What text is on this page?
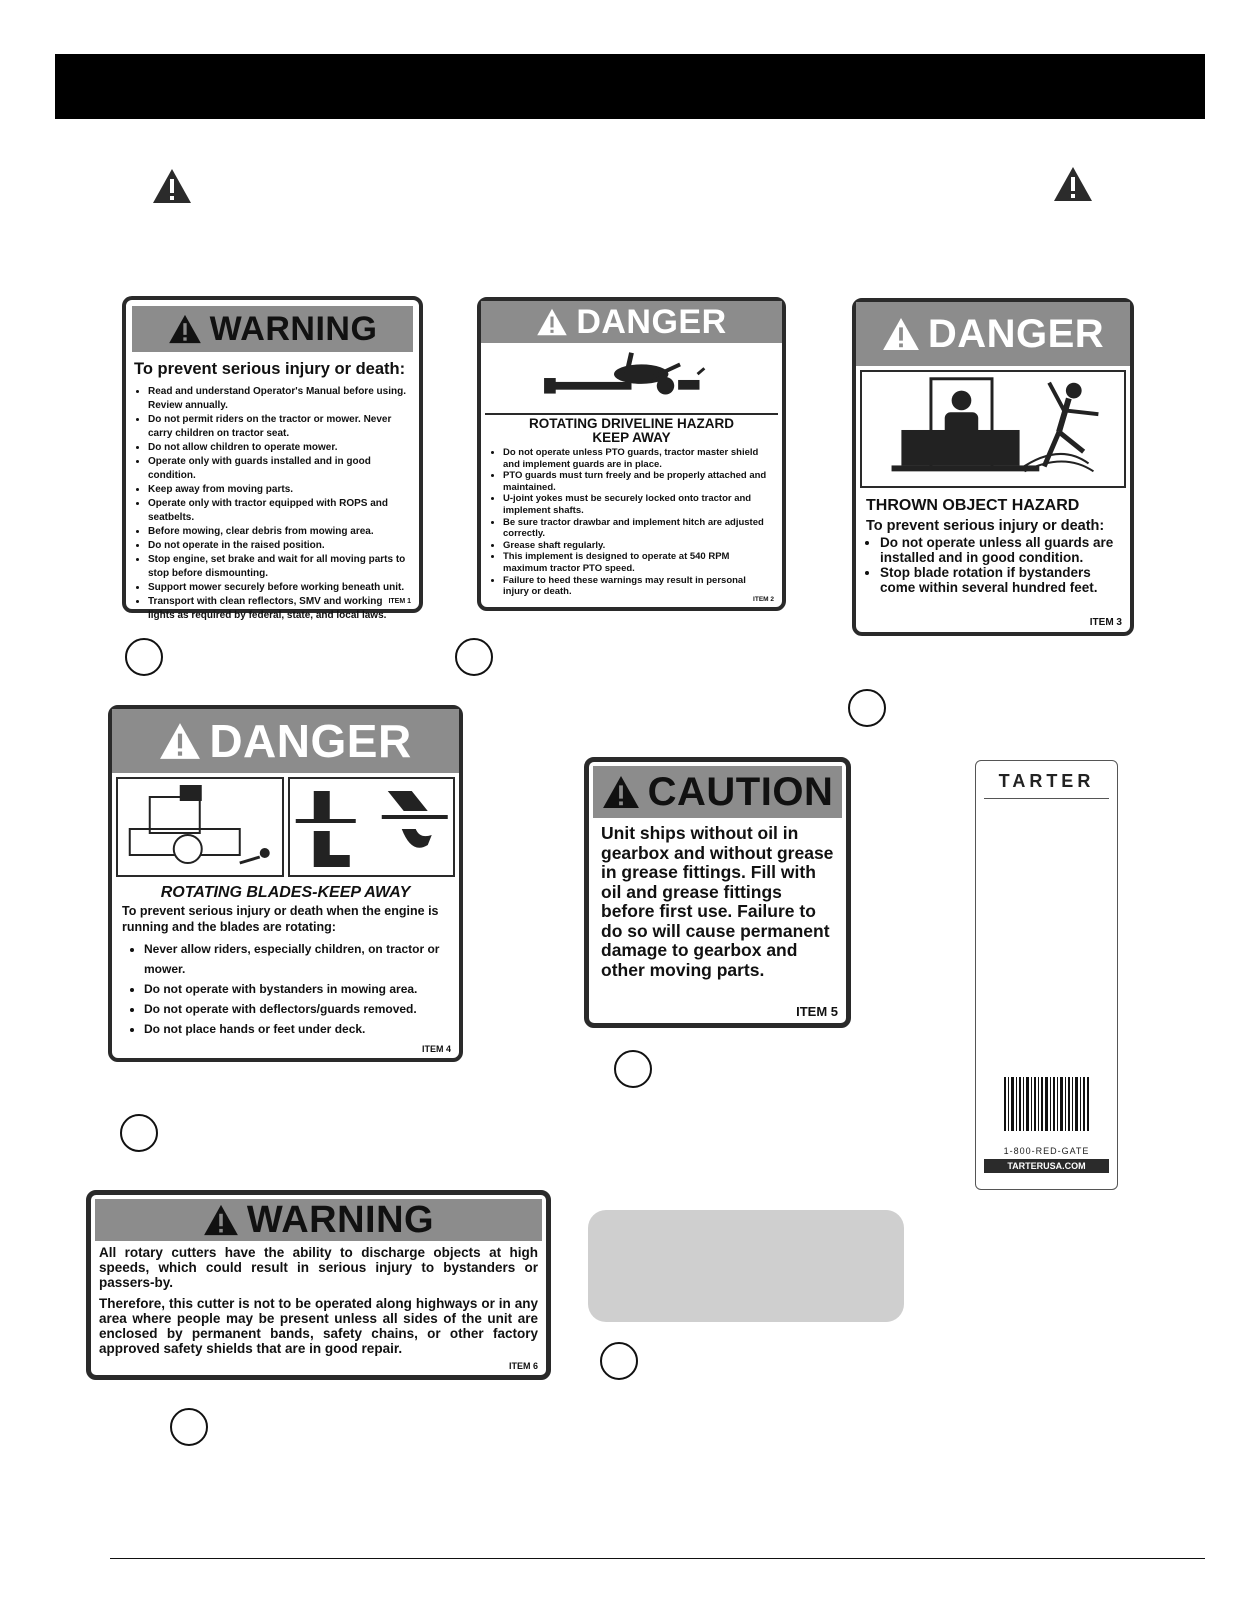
WARNING
To prevent serious injury or death:
• Read and understand Operator's Manual before using. Review annually.
• Do not permit riders on the tractor or mower. Never carry children on tractor seat.
• Do not allow children to operate mower.
• Operate only with guards installed and in good condition.
• Keep away from moving parts.
• Operate only with tractor equipped with ROPS and seatbelts.
• Before mowing, clear debris from mowing area.
• Do not operate in the raised position.
• Stop engine, set brake and wait for all moving parts to stop before dismounting.
• Support mower securely before working beneath unit.
• Transport with clean reflectors, SMV and working lights as required by federal, state, and local laws.
ITEM 1
DANGER
ROTATING DRIVELINE HAZARD
KEEP AWAY
• Do not operate unless PTO guards, tractor master shield and implement guards are in place.
• PTO guards must turn freely and be properly attached and maintained.
• U-joint yokes must be securely locked onto tractor and implement shafts.
• Be sure tractor drawbar and implement hitch are adjusted correctly.
• Grease shaft regularly.
• This implement is designed to operate at 540 RPM maximum tractor PTO speed.
• Failure to heed these warnings may result in personal injury or death.
ITEM 2
DANGER
THROWN OBJECT HAZARD
To prevent serious injury or death:
• Do not operate unless all guards are installed and in good condition.
• Stop blade rotation if bystanders come within several hundred feet.
ITEM 3
DANGER
ROTATING BLADES-KEEP AWAY
To prevent serious injury or death when the engine is running and the blades are rotating:
• Never allow riders, especially children, on tractor or mower.
• Do not operate with bystanders in mowing area.
• Do not operate with deflectors/guards removed.
• Do not place hands or feet under deck.
ITEM 4
CAUTION
Unit ships without oil in gearbox and without grease in grease fittings. Fill with oil and grease fittings before first use. Failure to do so will cause permanent damage to gearbox and other moving parts.
ITEM 5
WARNING
All rotary cutters have the ability to discharge objects at high speeds, which could result in serious injury to bystanders or passers-by.
Therefore, this cutter is not to be operated along highways or in any area where people may be present unless all sides of the unit are enclosed by permanent bands, safety chains, or other factory approved safety shields that are in good repair.
ITEM 6
TARTER
1-800-RED-GATE
TARTERUSA.COM
